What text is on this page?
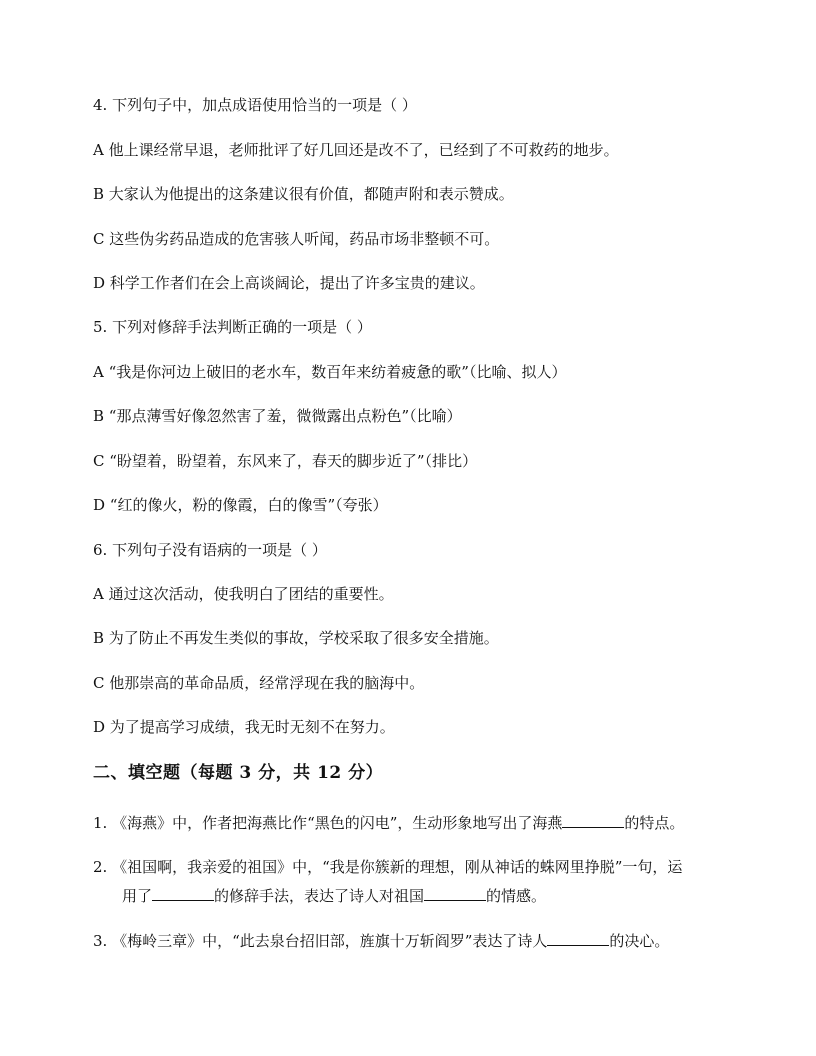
4. 下列句子中，加点成语使用恰当的一项是（ ）
A 他上课经常早退，老师批评了好几回还是改不了，已经到了不可救药的地步。
B 大家认为他提出的这条建议很有价值，都随声附和表示赞成。
C 这些伪劣药品造成的危害骇人听闻，药品市场非整顿不可。
D 科学工作者们在会上高谈阔论，提出了许多宝贵的建议。
5. 下列对修辞手法判断正确的一项是（ ）
A “我是你河边上破旧的老水车，数百年来纺着疲惫的歌”（比喻、拟人）
B “那点薄雪好像忽然害了羞，微微露出点粉色”（比喻）
C “盼望着，盼望着，东风来了，春天的脚步近了”（排比）
D “红的像火，粉的像霞，白的像雪”（夸张）
6. 下列句子没有语病的一项是（ ）
A 通过这次活动，使我明白了团结的重要性。
B 为了防止不再发生类似的事故，学校采取了很多安全措施。
C 他那崇高的革命品质，经常浮现在我的脑海中。
D 为了提高学习成绩，我无时无刻不在努力。
二、填空题（每题 3 分，共 12 分）
1. 《海燕》中，作者把海燕比作“黑色的闪电”，生动形象地写出了海燕	的特点。
2. 《祖国啊，我亲爱的祖国》中，“我是你簇新的理想，刚从神话的蛛网里挣脱”一句，运
用了	的修辞手法，表达了诗人对祖国	的情感。
3. 《梅岭三章》中，“此去泉台招旧部，旌旗十万斩阎罗”表达了诗人	的决心。
